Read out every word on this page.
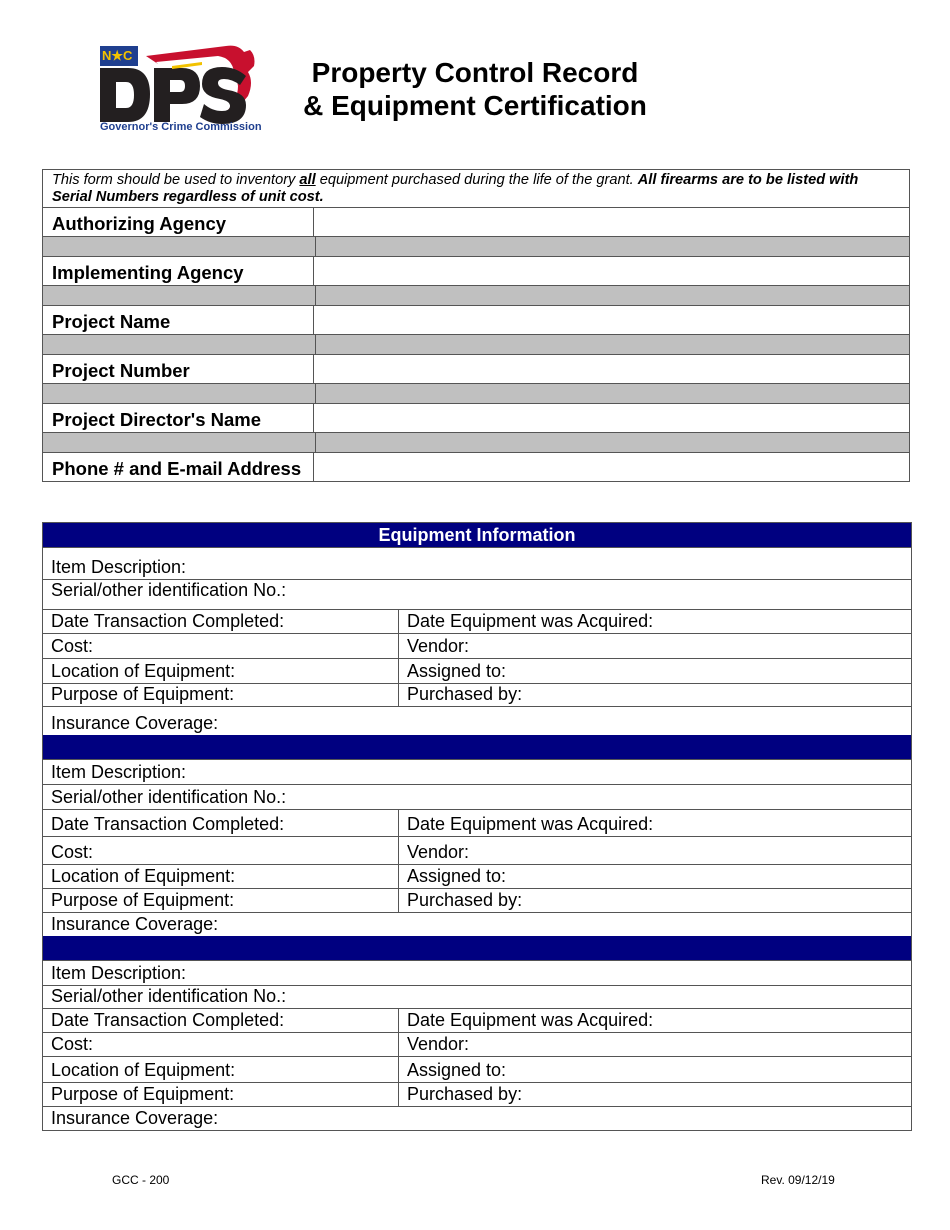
N★C
Governor's Crime Commission
Property Control Record
& Equipment Certification
This form should be used to inventory all equipment purchased during the life of the grant. All firearms are to be listed with Serial Numbers regardless of unit cost.
Authorizing Agency
Implementing Agency
Project Name
Project Number
Project Director's Name
Phone # and E-mail Address
Equipment Information
Item Description:
Serial/other identification No.:
Date Transaction Completed:	Date Equipment was Acquired:
Cost:	Vendor:
Location of Equipment:	Assigned to:
Purpose of Equipment:	Purchased by:
Insurance Coverage:
Item Description:
Serial/other identification No.:
Date Transaction Completed:	Date Equipment was Acquired:
Cost:	Vendor:
Location of Equipment:	Assigned to:
Purpose of Equipment:	Purchased by:
Insurance Coverage:
Item Description:
Serial/other identification No.:
Date Transaction Completed:	Date Equipment was Acquired:
Cost:	Vendor:
Location of Equipment:	Assigned to:
Purpose of Equipment:	Purchased by:
Insurance Coverage:
GCC - 200	Rev. 09/12/19
